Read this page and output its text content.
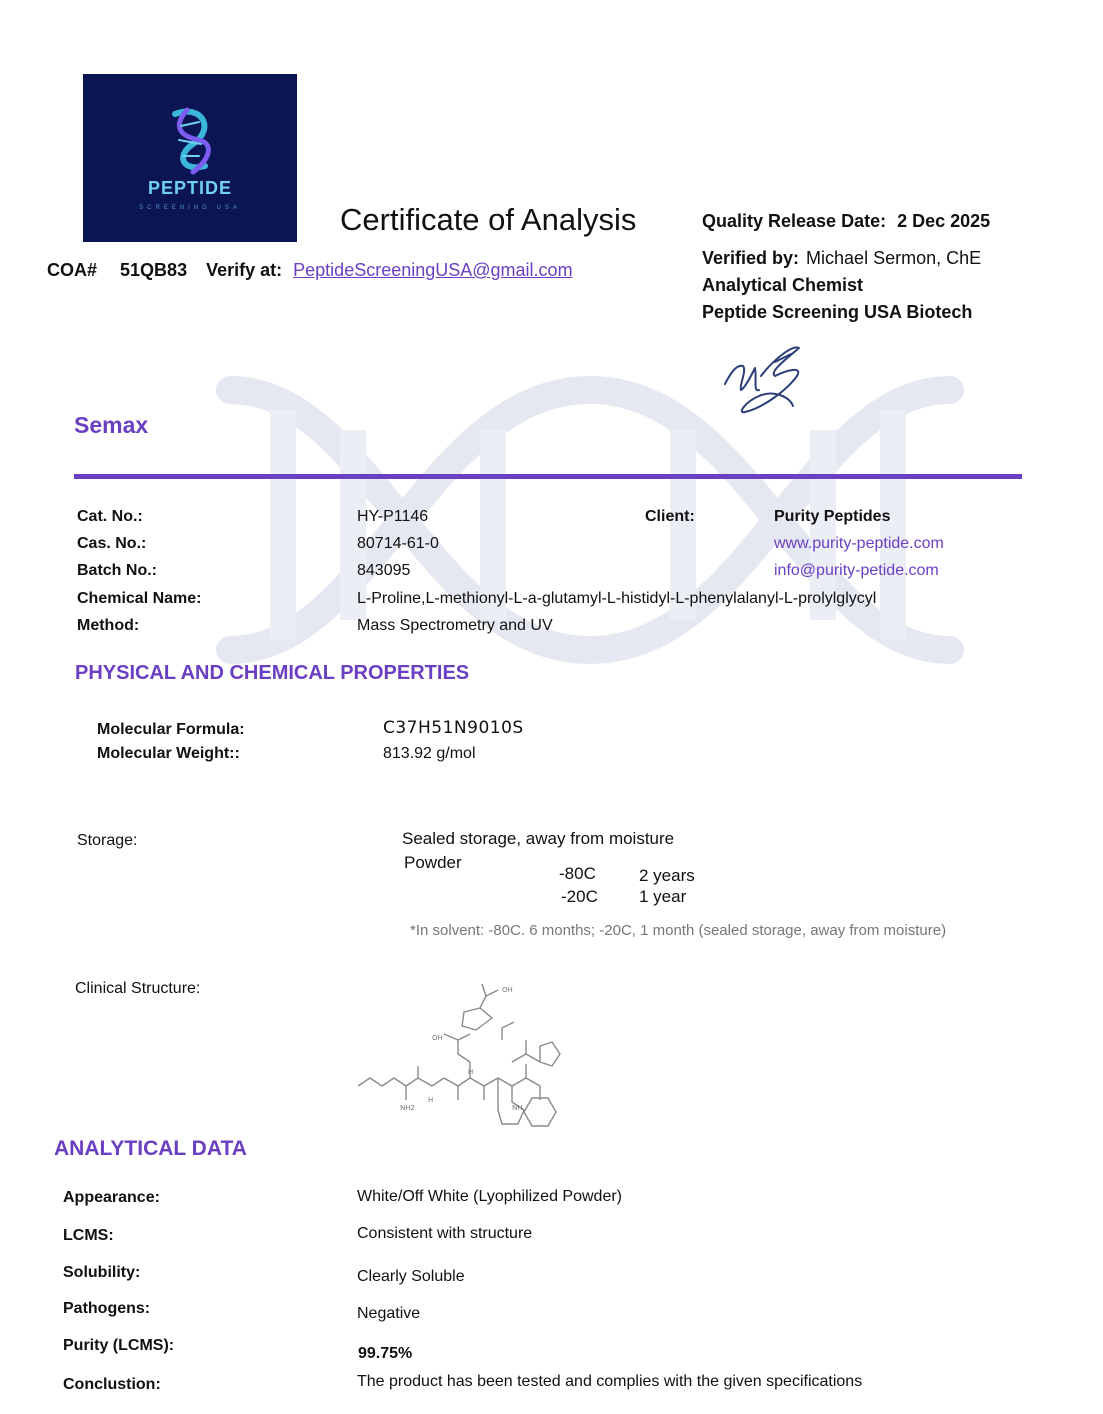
PEPTIDE
SCREENING USA	Certificate of Analysis
COA# 51QB83 Verify at: PeptideScreeningUSA@gmail.com
Quality Release Date: 2 Dec 2025
Verified by: Michael Sermon, ChE
Analytical Chemist
Peptide Screening USA Biotech
Semax
Cat. No.:	HY-P1146
Cas. No.:	80714-61-0
Batch No.:	843095
Chemical Name:	L-Proline,L-methionyl-L-a-glutamyl-L-histidyl-L-phenylalanyl-L-prolylglycyl
Method:	Mass Spectrometry and UV
Client:	Purity Peptides
www.purity-peptide.com
info@purity-petide.com
PHYSICAL AND CHEMICAL PROPERTIES
Molecular Formula:	C37H51N9010S
Molecular Weight::	813.92 g/mol
Storage:	Sealed storage, away from moisture
Powder
-80C	2 years
-20C 1 year
*In solvent: -80C. 6 months; -20C, 1 month (sealed storage, away from moisture)
Clinical Structure:
OH
OH
NH2
H
H
NH
ANALYTICAL DATA
Appearance:	White/Off White (Lyophilized Powder)
LCMS:	Consistent with structure
Solubility:	Clearly Soluble
Pathogens:	Negative
Purity (LCMS):	99.75%
Conclustion:	The product has been tested and complies with the given specifications
